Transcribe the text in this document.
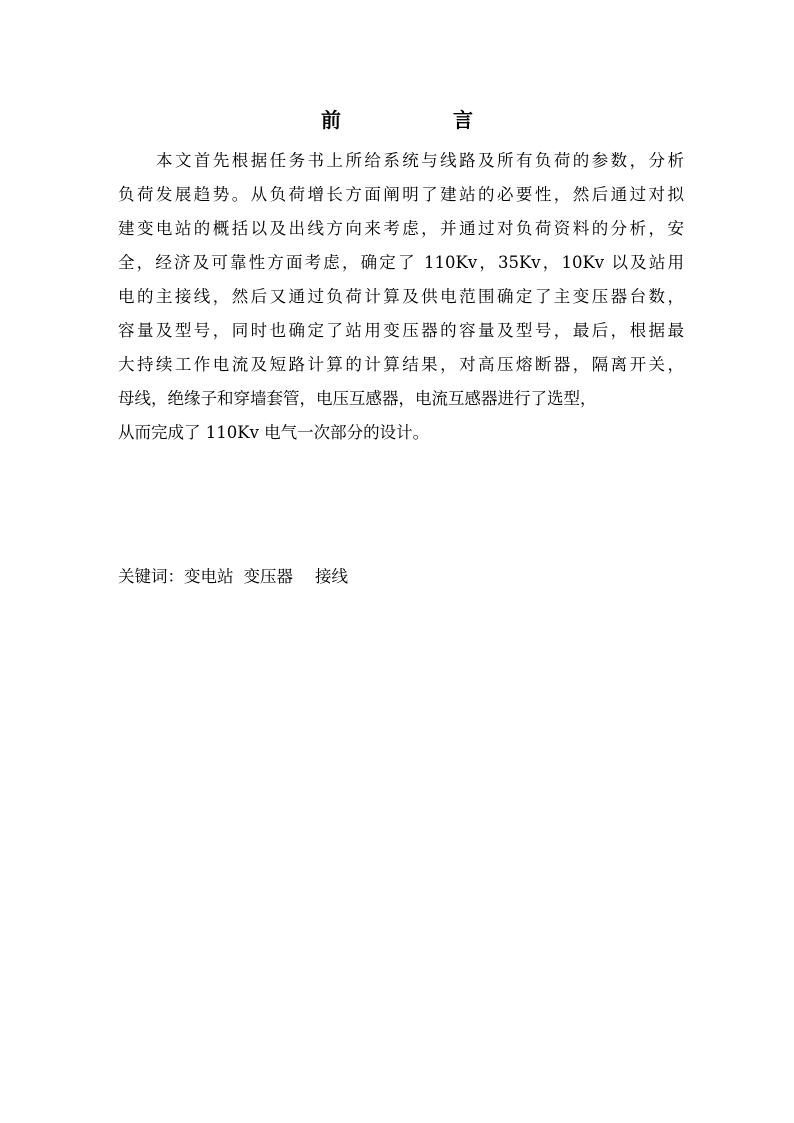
前　言
本文首先根据任务书上所给系统与线路及所有负荷的参数，分析
负荷发展趋势。从负荷增长方面阐明了建站的必要性，然后通过对拟
建变电站的概括以及出线方向来考虑，并通过对负荷资料的分析，安
全，经济及可靠性方面考虑，确定了 110Kv，35Kv，10Kv 以及站用
电的主接线，然后又通过负荷计算及供电范围确定了主变压器台数，
容量及型号，同时也确定了站用变压器的容量及型号，最后，根据最
大持续工作电流及短路计算的计算结果，对高压熔断器，隔离开关，
母线，绝缘子和穿墙套管，电压互感器，电流互感器进行了选型，
从而完成了 110Kv 电气一次部分的设计。
关键词：变电站 变压器 接线
